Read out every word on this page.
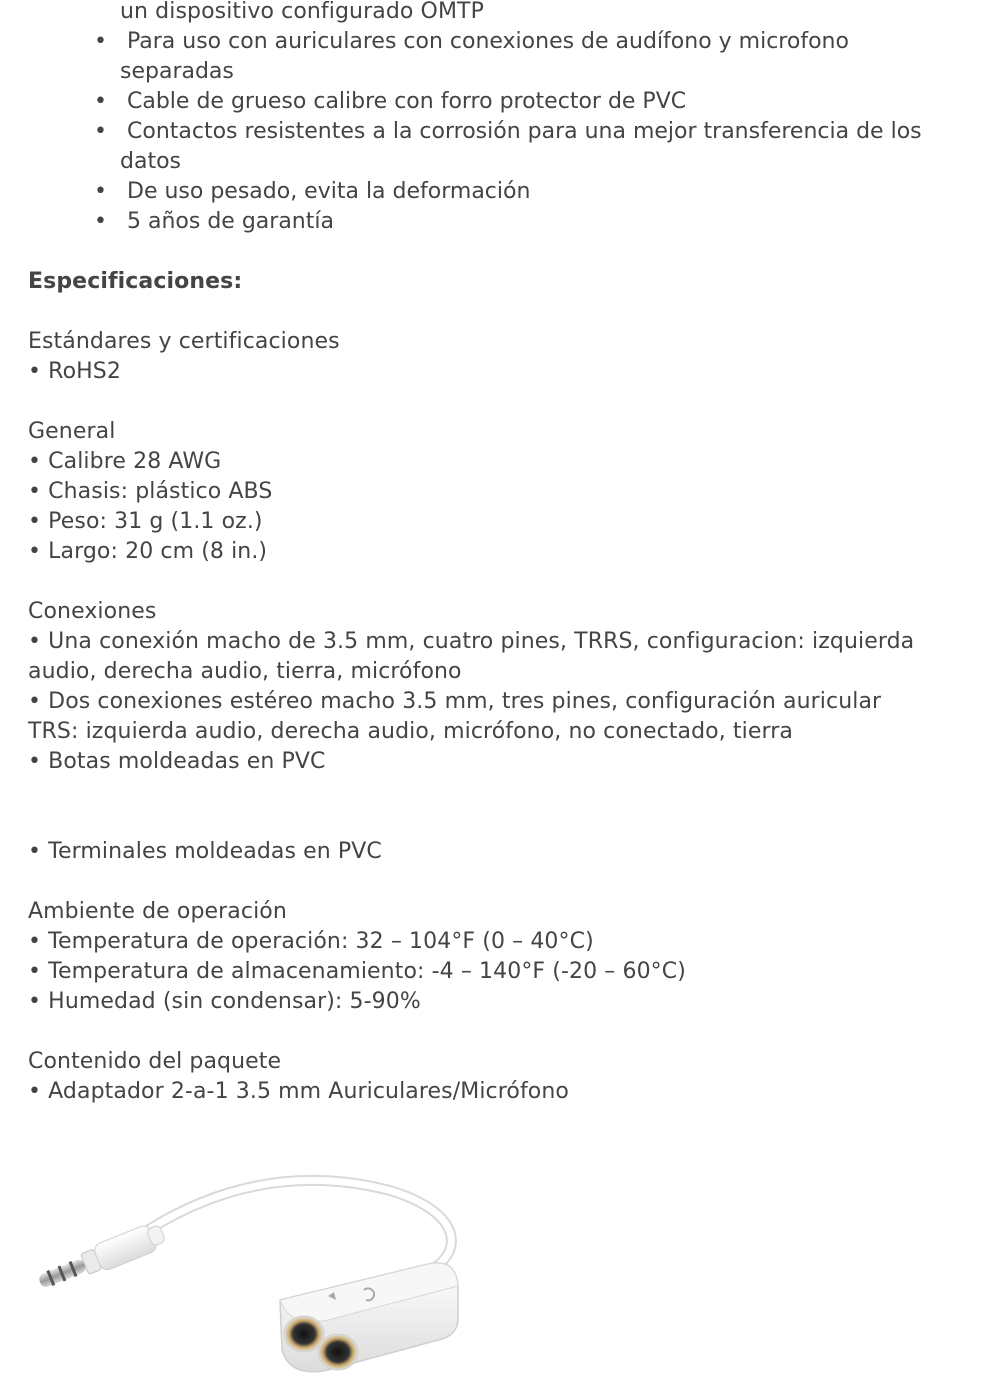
un dispositivo configurado OMTP
• Para uso con auriculares con conexiones de audífono y microfono
separadas
• Cable de grueso calibre con forro protector de PVC
• Contactos resistentes a la corrosión para una mejor transferencia de los
datos
• De uso pesado, evita la deformación
• 5 años de garantía
Especificaciones:
Estándares y certificaciones
• RoHS2
General
• Calibre 28 AWG
• Chasis: plástico ABS
• Peso: 31 g (1.1 oz.)
• Largo: 20 cm (8 in.)
Conexiones
• Una conexión macho de 3.5 mm, cuatro pines, TRRS, configuracion: izquierda
audio, derecha audio, tierra, micrófono
• Dos conexiones estéreo macho 3.5 mm, tres pines, configuración auricular
TRS: izquierda audio, derecha audio, micrófono, no conectado, tierra
• Botas moldeadas en PVC
• Terminales moldeadas en PVC
Ambiente de operación
• Temperatura de operación: 32 – 104°F (0 – 40°C)
• Temperatura de almacenamiento: -4 – 140°F (-20 – 60°C)
• Humedad (sin condensar): 5-90%
Contenido del paquete
• Adaptador 2-a-1 3.5 mm Auriculares/Micrófono
